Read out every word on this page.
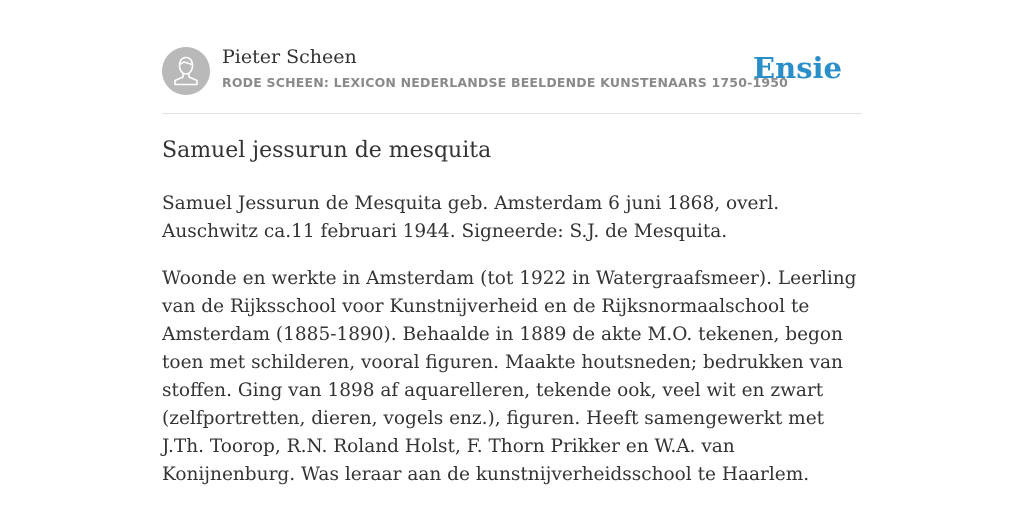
Pieter Scheen
RODE SCHEEN: LEXICON NEDERLANDSE BEELDENDE KUNSTENAARS 1750-1950
Ensie
Samuel jessurun de mesquita

Samuel Jessurun de Mesquita geb. Amsterdam 6 juni 1868, overl. Auschwitz ca.11 februari 1944. Signeerde: S.J. de Mesquita.

Woonde en werkte in Amsterdam (tot 1922 in Watergraafsmeer). Leerling van de Rijksschool voor Kunstnijverheid en de Rijksnormaalschool te Amsterdam (1885-1890). Behaalde in 1889 de akte M.O. tekenen, begon toen met schilderen, vooral figuren. Maakte houtsneden; bedrukken van stoffen. Ging van 1898 af aquarelleren, tekende ook, veel wit en zwart (zelfportretten, dieren, vogels enz.), figuren. Heeft samengewerkt met J.Th. Toorop, R.N. Roland Holst, F. Thorn Prikker en W.A. van Konijnenburg. Was leraar aan de kunstnijverheidsschool te Haarlem.
